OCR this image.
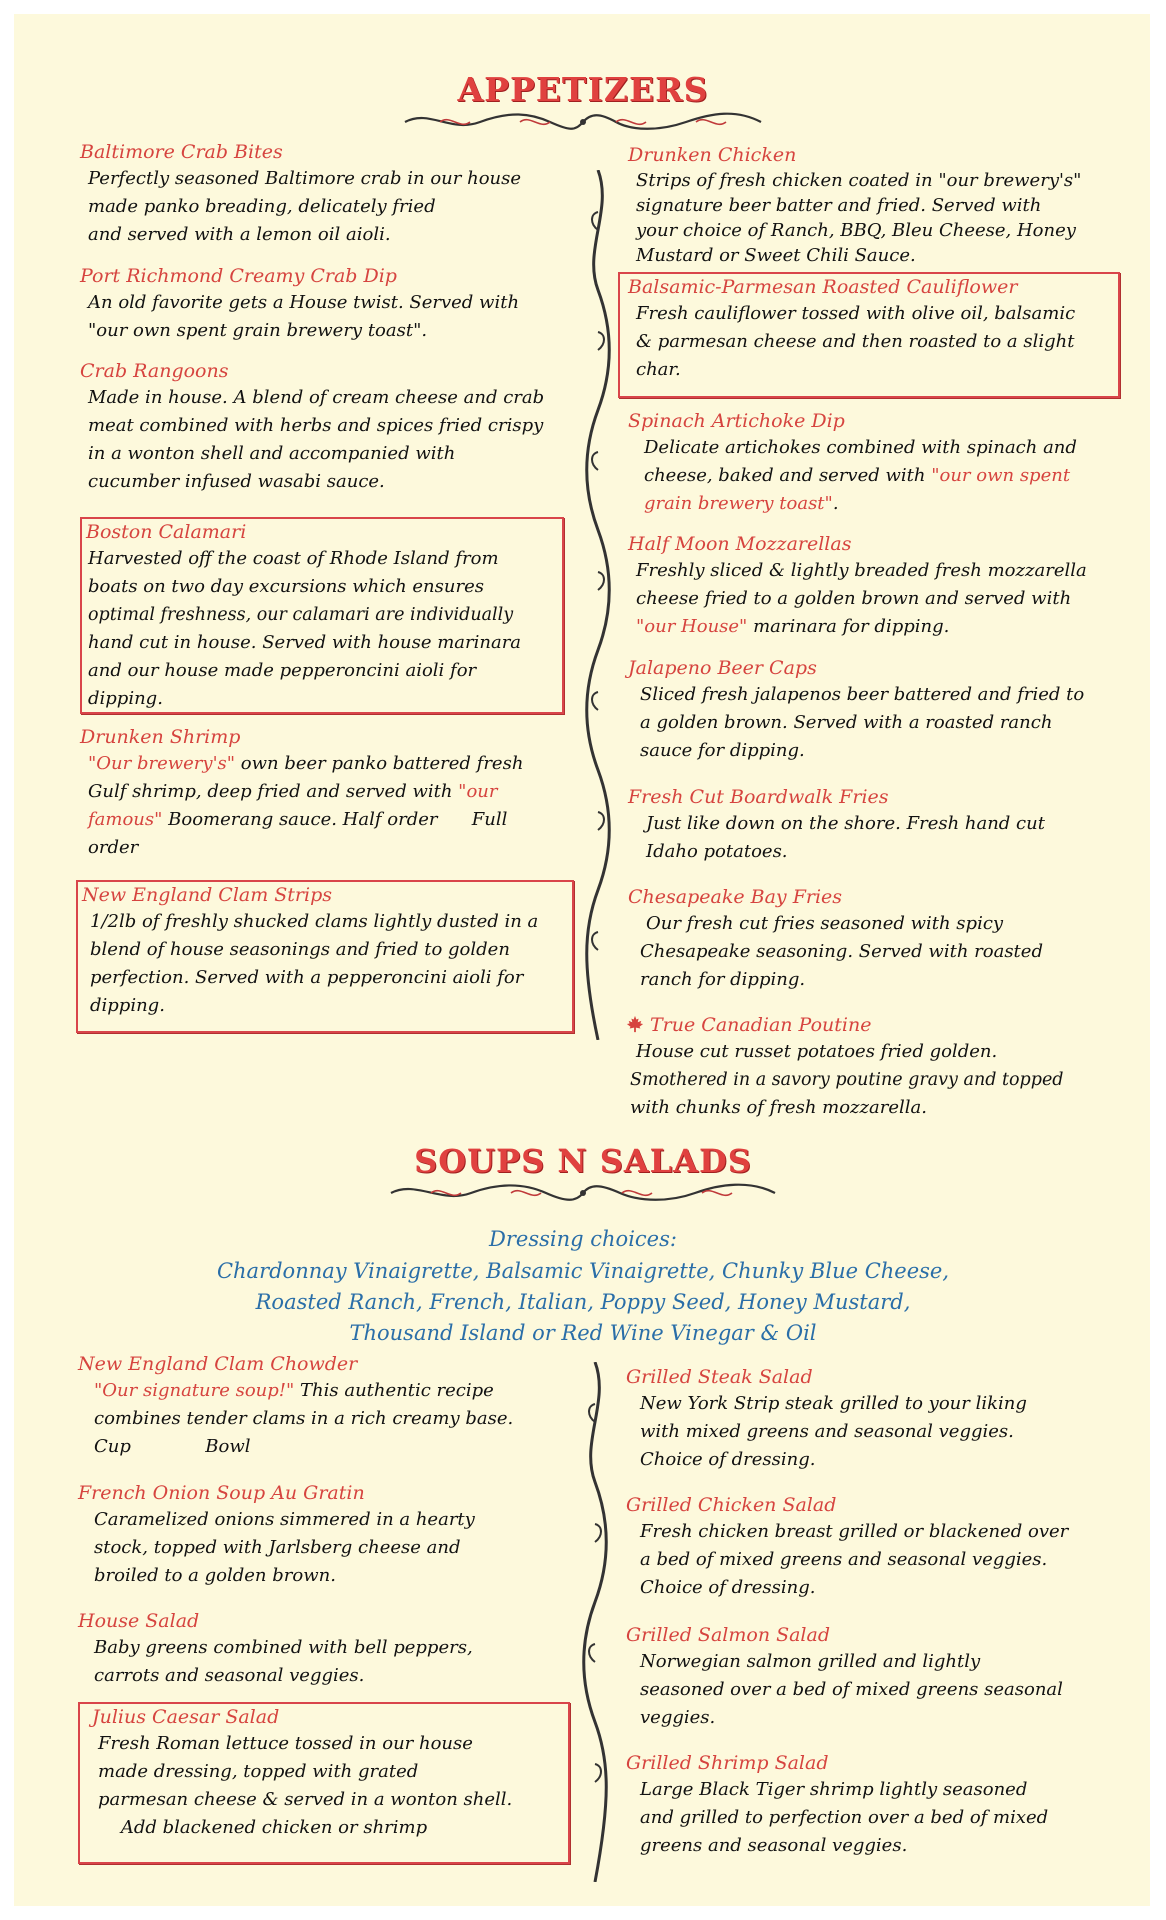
APPETIZERS
Baltimore Crab Bites
Perfectly seasoned Baltimore crab in our house
made panko breading, delicately fried
and served with a lemon oil aioli.
Port Richmond Creamy Crab Dip
An old favorite gets a House twist. Served with
"our own spent grain brewery toast".
Crab Rangoons
Made in house. A blend of cream cheese and crab
meat combined with herbs and spices fried crispy
in a wonton shell and accompanied with
cucumber infused wasabi sauce.
Boston Calamari
Harvested off the coast of Rhode Island from
boats on two day excursions which ensures
optimal freshness, our calamari are individually
hand cut in house. Served with house marinara
and our house made pepperoncini aioli for
dipping.
Drunken Shrimp
"Our brewery's" own beer panko battered fresh
Gulf shrimp, deep fried and served with "our
famous" Boomerang sauce. Half order      Full
order
New England Clam Strips
1/2lb of freshly shucked clams lightly dusted in a
blend of house seasonings and fried to golden
perfection. Served with a pepperoncini aioli for
dipping.
Drunken Chicken
Strips of fresh chicken coated in "our brewery's"
signature beer batter and fried. Served with
your choice of Ranch, BBQ, Bleu Cheese, Honey
Mustard or Sweet Chili Sauce.
Balsamic-Parmesan Roasted Cauliflower
Fresh cauliflower tossed with olive oil, balsamic
& parmesan cheese and then roasted to a slight
char.
Spinach Artichoke Dip
Delicate artichokes combined with spinach and
cheese, baked and served with "our own spent
grain brewery toast".
Half Moon Mozzarellas
Freshly sliced & lightly breaded fresh mozzarella
cheese fried to a golden brown and served with
"our House" marinara for dipping.
Jalapeno Beer Caps
Sliced fresh jalapenos beer battered and fried to
a golden brown. Served with a roasted ranch
sauce for dipping.
Fresh Cut Boardwalk Fries
Just like down on the shore. Fresh hand cut
Idaho potatoes.
Chesapeake Bay Fries
Our fresh cut fries seasoned with spicy
Chesapeake seasoning. Served with roasted
ranch for dipping.
True Canadian Poutine
House cut russet potatoes fried golden.
Smothered in a savory poutine gravy and topped
with chunks of fresh mozzarella.
SOUPS N SALADS
Dressing choices:
Chardonnay Vinaigrette, Balsamic Vinaigrette, Chunky Blue Cheese,
Roasted Ranch, French, Italian, Poppy Seed, Honey Mustard,
Thousand Island or Red Wine Vinegar & Oil
New England Clam Chowder
"Our signature soup!" This authentic recipe
combines tender clams in a rich creamy base.
Cup             Bowl
French Onion Soup Au Gratin
Caramelized onions simmered in a hearty
stock, topped with Jarlsberg cheese and
broiled to a golden brown.
House Salad
Baby greens combined with bell peppers,
carrots and seasonal veggies.
Julius Caesar Salad
Fresh Roman lettuce tossed in our house
made dressing, topped with grated
parmesan cheese & served in a wonton shell.
Add blackened chicken or shrimp
Grilled Steak Salad
New York Strip steak grilled to your liking
with mixed greens and seasonal veggies.
Choice of dressing.
Grilled Chicken Salad
Fresh chicken breast grilled or blackened over
a bed of mixed greens and seasonal veggies.
Choice of dressing.
Grilled Salmon Salad
Norwegian salmon grilled and lightly
seasoned over a bed of mixed greens seasonal
veggies.
Grilled Shrimp Salad
Large Black Tiger shrimp lightly seasoned
and grilled to perfection over a bed of mixed
greens and seasonal veggies.
